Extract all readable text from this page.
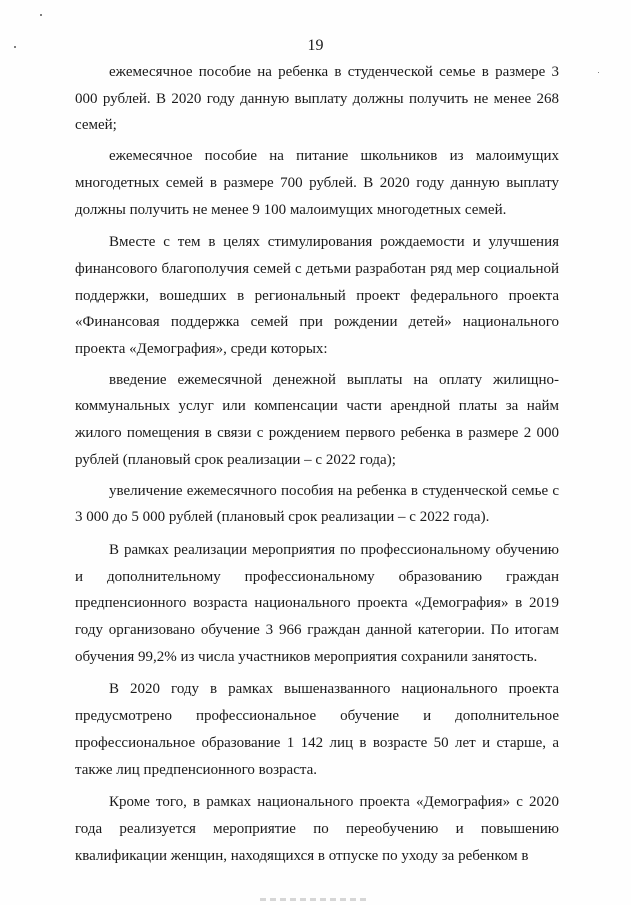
19

ежемесячное пособие на ребенка в студенческой семье в размере 3 000 рублей. В 2020 году данную выплату должны получить не менее 268 семей;

ежемесячное пособие на питание школьников из малоимущих многодетных семей в размере 700 рублей. В 2020 году данную выплату должны получить не менее 9 100 малоимущих многодетных семей.

Вместе с тем в целях стимулирования рождаемости и улучшения финансового благополучия семей с детьми разработан ряд мер социальной поддержки, вошедших в региональный проект федерального проекта «Финансовая поддержка семей при рождении детей» национального проекта «Демография», среди которых:

введение ежемесячной денежной выплаты на оплату жилищно-коммунальных услуг или компенсации части арендной платы за найм жилого помещения в связи с рождением первого ребенка в размере 2 000 рублей (плановый срок реализации – с 2022 года);

увеличение ежемесячного пособия на ребенка в студенческой семье с 3 000 до 5 000 рублей (плановый срок реализации – с 2022 года).

В рамках реализации мероприятия по профессиональному обучению и дополнительному профессиональному образованию граждан предпенсионного возраста национального проекта «Демография» в 2019 году организовано обучение 3 966 граждан данной категории. По итогам обучения 99,2% из числа участников мероприятия сохранили занятость.

В 2020 году в рамках вышеназванного национального проекта предусмотрено профессиональное обучение и дополнительное профессиональное образование 1 142 лиц в возрасте 50 лет и старше, а также лиц предпенсионного возраста.

Кроме того, в рамках национального проекта «Демография» с 2020 года реализуется мероприятие по переобучению и повышению квалификации женщин, находящихся в отпуске по уходу за ребенком в
